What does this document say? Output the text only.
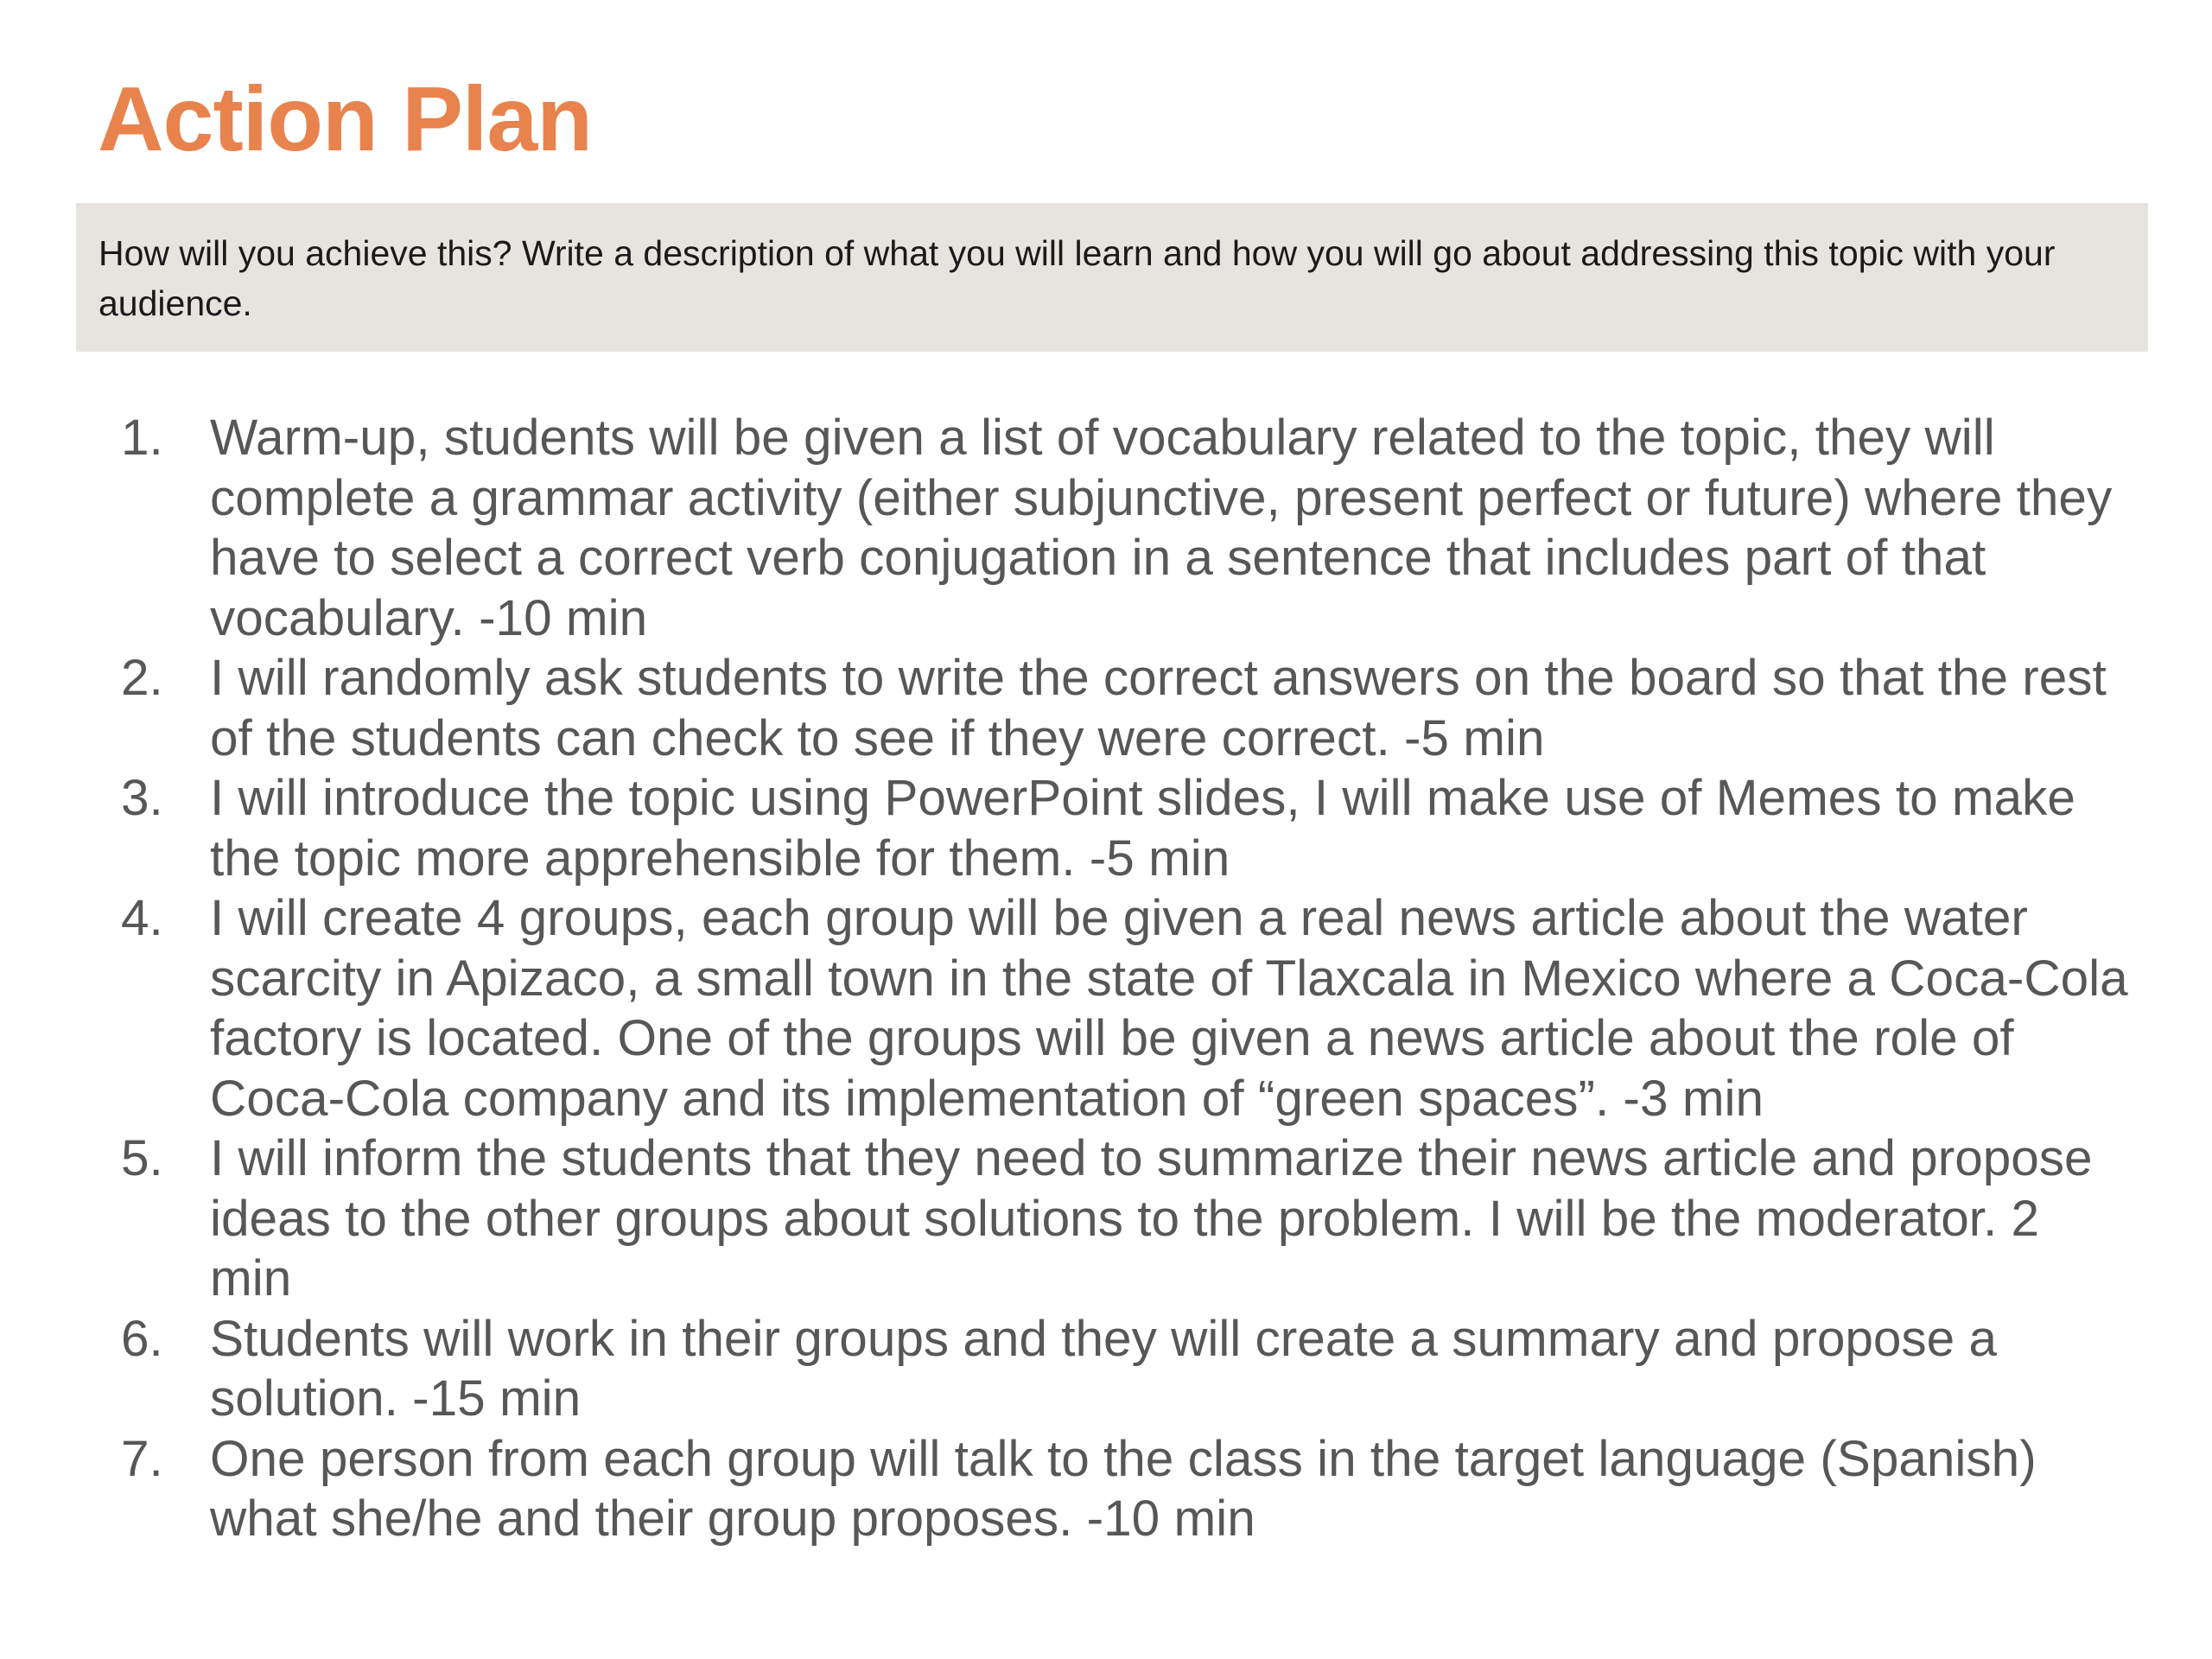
Action Plan

How will you achieve this? Write a description of what you will learn and how you will go about addressing this topic with your audience.

1. Warm-up, students will be given a list of vocabulary related to the topic, they will complete a grammar activity (either subjunctive, present perfect or future) where they have to select a correct verb conjugation in a sentence that includes part of that vocabulary. -10 min
2. I will randomly ask students to write the correct answers on the board so that the rest of the students can check to see if they were correct. -5 min
3. I will introduce the topic using PowerPoint slides, I will make use of Memes to make the topic more apprehensible for them. -5 min
4. I will create 4 groups, each group will be given a real news article about the water scarcity in Apizaco, a small town in the state of Tlaxcala in Mexico where a Coca-Cola factory is located. One of the groups will be given a news article about the role of Coca-Cola company and its implementation of “green spaces”. -3 min
5. I will inform the students that they need to summarize their news article and propose ideas to the other groups about solutions to the problem. I will be the moderator. 2 min
6. Students will work in their groups and they will create a summary and propose a solution. -15 min
7. One person from each group will talk to the class in the target language (Spanish) what she/he and their group proposes. -10 min
